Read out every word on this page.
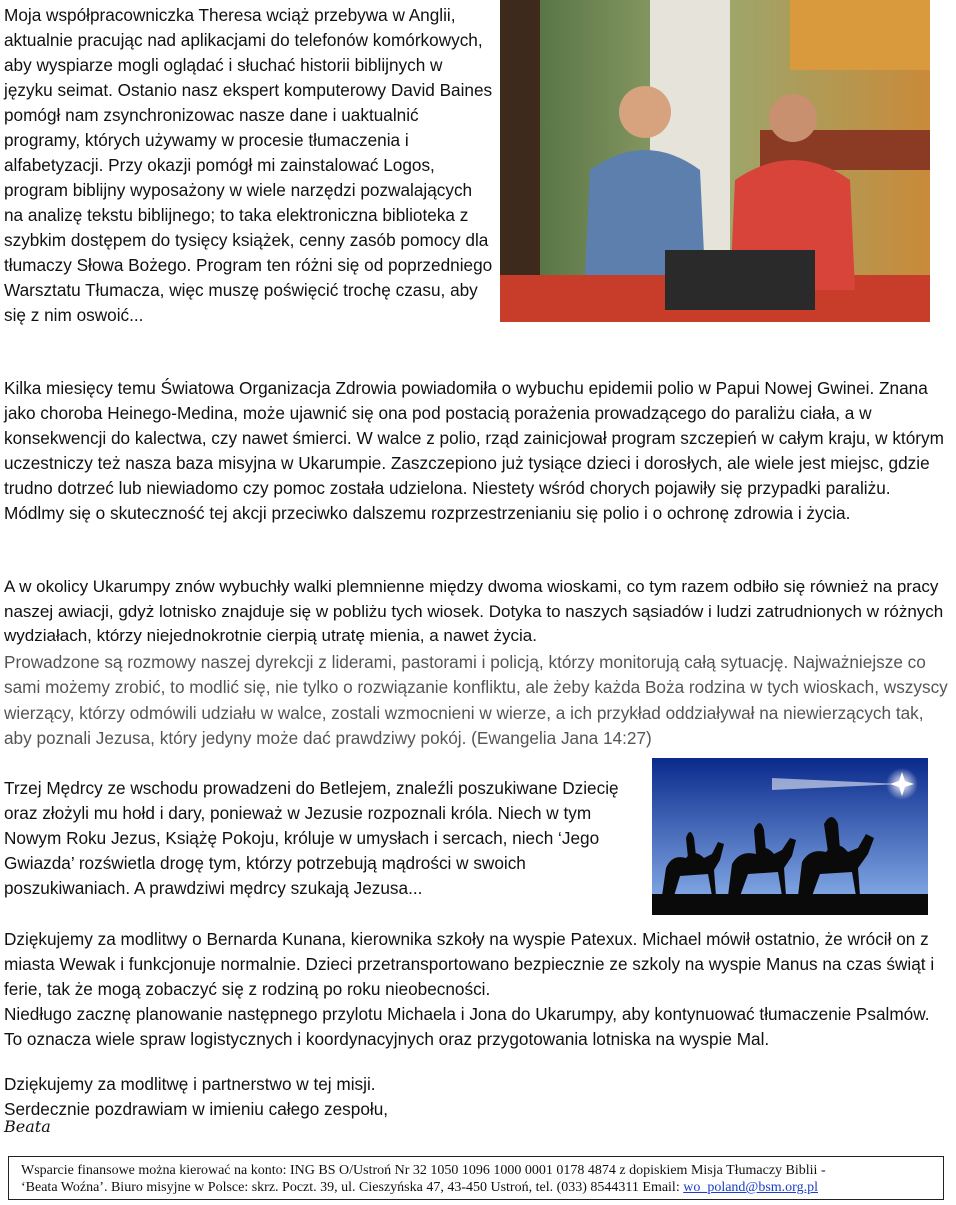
Moja współpracowniczka Theresa wciąż przebywa w Anglii, aktualnie pracując nad aplikacjami do telefonów komórkowych, aby wyspiarze mogli oglądać i słuchać historii biblijnych w języku seimat. Ostanio nasz ekspert komputerowy David Baines pomógł nam zsynchronizowac nasze dane i uaktualnić programy, których używamy w procesie tłumaczenia i alfabetyzacji. Przy okazji pomógł mi zainstalować Logos, program biblijny wyposażony w wiele narzędzi pozwalających na analizę tekstu biblijnego; to taka elektroniczna biblioteka z szybkim dostępem do tysięcy książek, cenny zasób pomocy dla tłumaczy Słowa Bożego. Program ten różni się od poprzedniego Warsztatu Tłumacza, więc muszę poświęcić trochę czasu, aby się z nim oswoić...

Kilka miesięcy temu Światowa Organizacja Zdrowia powiadomiła o wybuchu epidemii polio w Papui Nowej Gwinei. Znana jako choroba Heinego-Medina, może ujawnić się ona pod postacią porażenia prowadzącego do paraliżu ciała, a w konsekwencji do kalectwa, czy nawet śmierci. W walce z polio, rząd zainicjował program szczepień w całym kraju, w którym uczestniczy też nasza baza misyjna w Ukarumpie. Zaszczepiono już tysiące dzieci i dorosłych, ale wiele jest miejsc, gdzie trudno dotrzeć lub niewiadomo czy pomoc została udzielona. Niestety wśród chorych pojawiły się przypadki paraliżu. Módlmy się o skuteczność tej akcji przeciwko dalszemu rozprzestrzenianiu się polio i o ochronę zdrowia i życia.

A w okolicy Ukarumpy znów wybuchły walki plemnienne między dwoma wioskami, co tym razem odbiło się również na pracy naszej awiacji, gdyż lotnisko znajduje się w pobliżu tych wiosek. Dotyka to naszych sąsiadów i ludzi zatrudnionych w różnych wydziałach, którzy niejednokrotnie cierpią utratę mienia, a nawet życia.

Prowadzone są rozmowy naszej dyrekcji z liderami, pastorami i policją, którzy monitorują całą sytuację. Najważniejsze co sami możemy zrobić, to modlić się, nie tylko o rozwiązanie konfliktu, ale żeby każda Boża rodzina w tych wioskach, wszyscy wierzący, którzy odmówili udziału w walce, zostali wzmocnieni w wierze, a ich przykład oddziaływał na niewierzących tak, aby poznali Jezusa, który jedyny może dać prawdziwy pokój. (Ewangelia Jana 14:27)

Trzej Mędrcy ze wschodu prowadzeni do Betlejem, znaleźli poszukiwane Dziecię oraz złożyli mu hołd i dary, ponieważ w Jezusie rozpoznali króla. Niech w tym Nowym Roku Jezus, Książę Pokoju, króluje w umysłach i sercach, niech ‘Jego Gwiazda’ rozświetla drogę tym, którzy potrzebują mądrości w swoich poszukiwaniach. A prawdziwi mędrcy szukają Jezusa...

Dziękujemy za modlitwy o Bernarda Kunana, kierownika szkoły na wyspie Patexux. Michael mówił ostatnio, że wrócił on z miasta Wewak i funkcjonuje normalnie. Dzieci przetransportowano bezpiecznie ze szkoly na wyspie Manus na czas świąt i ferie, tak że mogą zobaczyć się z rodziną po roku nieobecności.
Niedługo zacznę planowanie następnego przylotu Michaela i Jona do Ukarumpy, aby kontynuować tłumaczenie Psalmów. To oznacza wiele spraw logistycznych i koordynacyjnych oraz przygotowania lotniska na wyspie Mal.

Dziękujemy za modlitwę i partnerstwo w tej misji.
Serdecznie pozdrawiam w imieniu całego zespołu,

Beata
Wsparcie finansowe można kierować na konto: ING BS O/Ustroń Nr 32 1050 1096 1000 0001 0178 4874 z dopiskiem Misja Tłumaczy Biblii -
‘Beata Woźna’. Biuro misyjne w Polsce: skrz. Poczt. 39, ul. Cieszyńska 47, 43-450 Ustroń, tel. (033) 8544311 Email: wo_poland@bsm.org.pl
